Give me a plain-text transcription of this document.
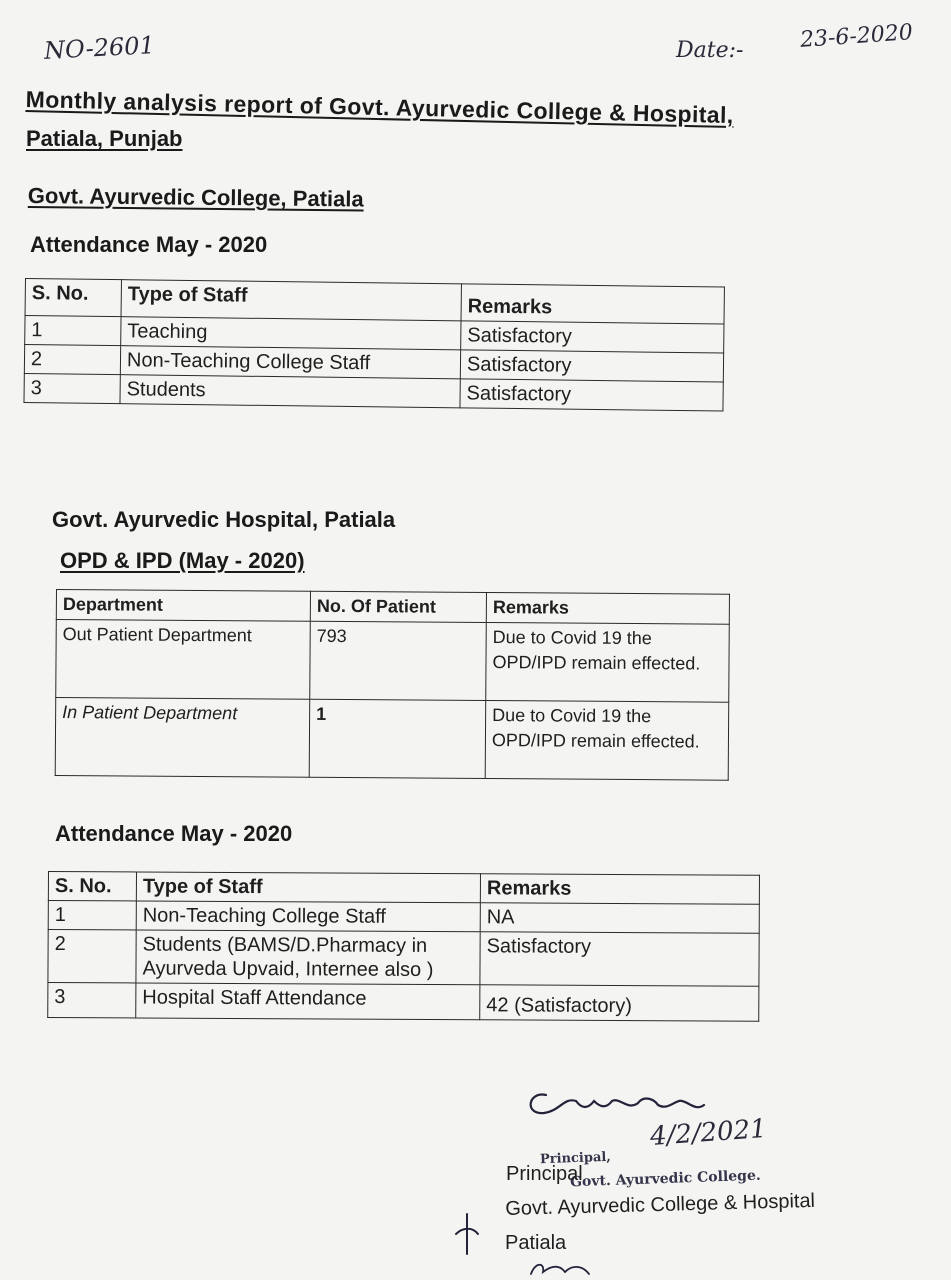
NO-2601	Date:-	23-6-2020
Monthly analysis report of Govt. Ayurvedic College & Hospital,
Patiala, Punjab
Govt. Ayurvedic College, Patiala
Attendance May - 2020
S. No.	Type of Staff	Remarks
1	Teaching	Satisfactory
2	Non-Teaching College Staff	Satisfactory
3	Students	Satisfactory
Govt. Ayurvedic Hospital, Patiala
OPD & IPD (May - 2020)
Department	No. Of Patient	Remarks
Out Patient Department	793	Due to Covid 19 the OPD/IPD remain effected.
In Patient Department	1	Due to Covid 19 the OPD/IPD remain effected.
Attendance May - 2020
S. No.	Type of Staff	Remarks
1	Non-Teaching College Staff	NA
2	Students (BAMS/D.Pharmacy in Ayurveda Upvaid, Internee also )	Satisfactory
3	Hospital Staff Attendance	42 (Satisfactory)
4/2/2021
Principal,
Govt. Ayurvedic College.
Principal
Govt. Ayurvedic College & Hospital
Patiala
